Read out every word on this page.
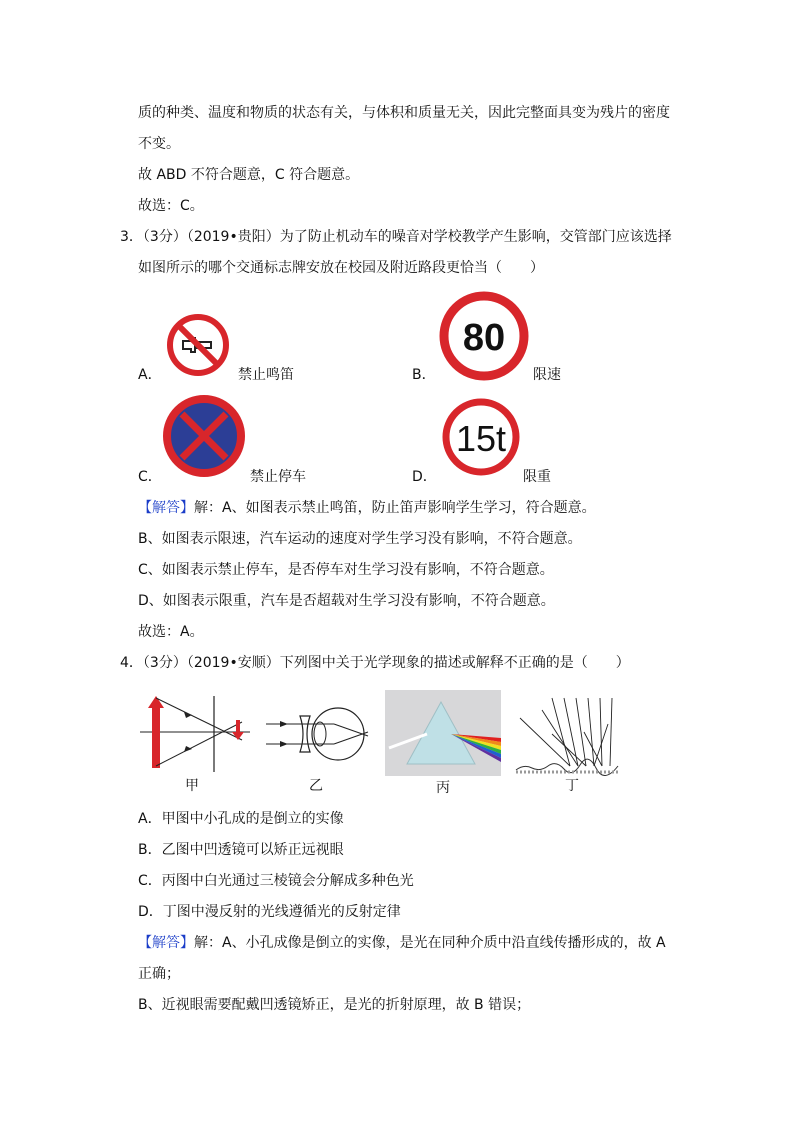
质的种类、温度和物质的状态有关，与体积和质量无关，因此完整面具变为残片的密度
不变。
故 ABD 不符合题意，C 符合题意。
故选：C。
3．（3分）（2019•贵阳）为了防止机动车的噪音对学校教学产生影响，交管部门应该选择
如图所示的哪个交通标志牌安放在校园及附近路段更恰当（　　）
A．	禁止鸣笛	B．
80
限速
C．	禁止停车	D．
15t
限重
【解答】解：A、如图表示禁止鸣笛，防止笛声影响学生学习，符合题意。
B、如图表示限速，汽车运动的速度对学生学习没有影响，不符合题意。
C、如图表示禁止停车，是否停车对生学习没有影响，不符合题意。
D、如图表示限重，汽车是否超载对生学习没有影响，不符合题意。
故选：A。
4．（3分）（2019•安顺）下列图中关于光学现象的描述或解释不正确的是（　　）
甲	乙	丙	丁
A．甲图中小孔成的是倒立的实像
B．乙图中凹透镜可以矫正远视眼
C．丙图中白光通过三棱镜会分解成多种色光
D．丁图中漫反射的光线遵循光的反射定律
【解答】解：A、小孔成像是倒立的实像，是光在同种介质中沿直线传播形成的，故 A
正确；
B、近视眼需要配戴凹透镜矫正，是光的折射原理，故 B 错误；
